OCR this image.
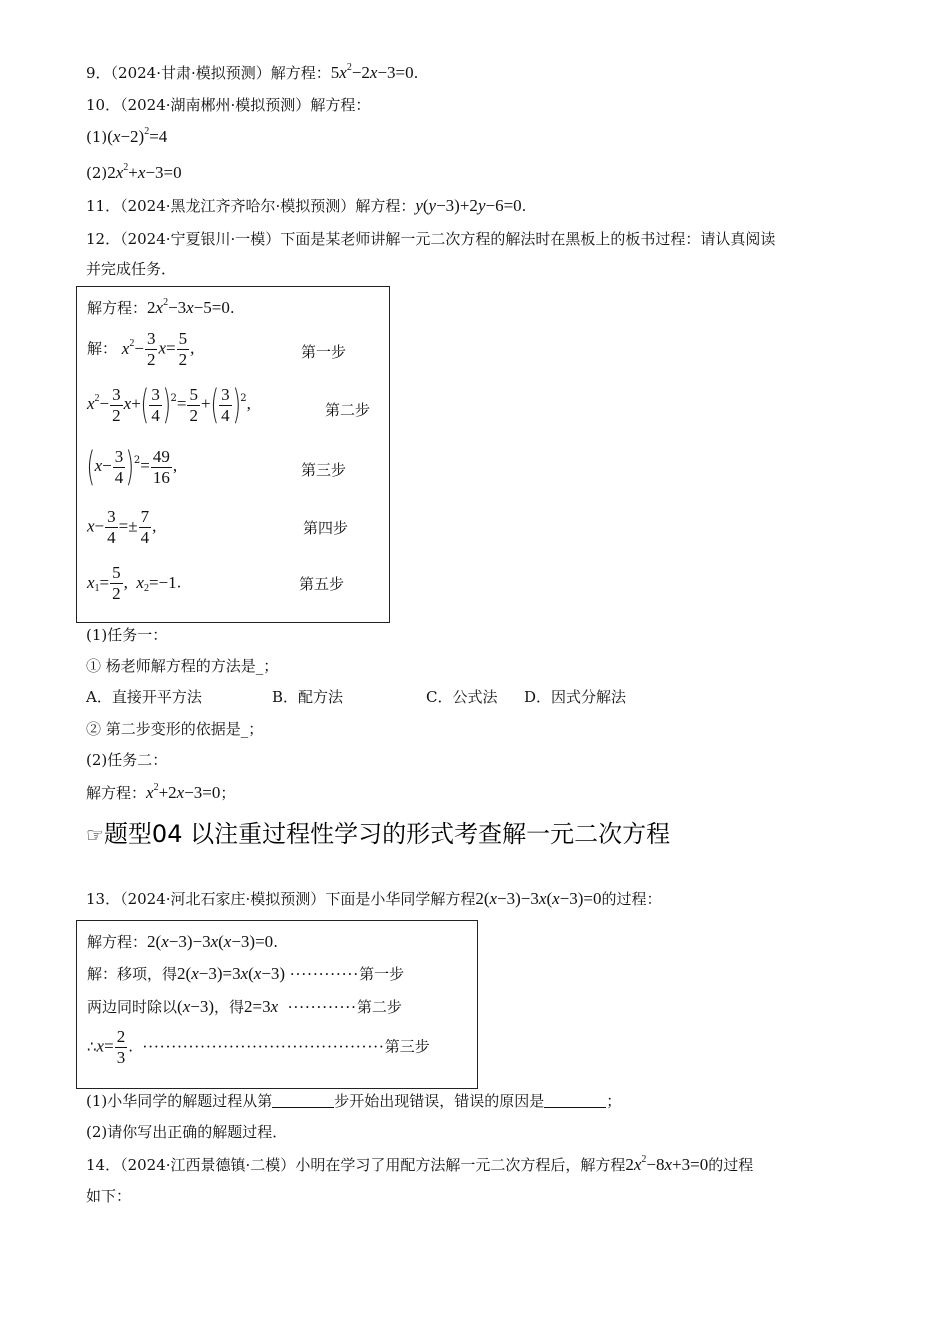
9．（2024·甘肃·模拟预测）解方程：$5x^2-2x-3=0$.
10．（2024·湖南郴州·模拟预测）解方程：
$(1)(x-2)^2=4$
$(2)2x^2+x-3=0$
11．（2024·黑龙江齐齐哈尔·模拟预测）解方程：y(y−3)+2y−6=0.
12．（2024·宁夏银川·一模）下面是某老师讲解一元二次方程的解法时在黑板上的板书过程：请认真阅读
并完成任务．
解方程：$2x^2-3x-5=0$.
解： $x^2- \frac{3}{2} x= \frac{5}{2}$ ,	第一步
$x^2- \frac{3}{2} x+( \frac{3}{4} )^2= \frac{5}{2}$ +( $\frac{3}{4} )^2$,	第二步
$(x- \frac{3}{4} )^2= \frac{49}{16}$ ,	第三步
$x- \frac{3}{4} =\pm \frac{7}{4}$ ,	第四步
$x_1= \frac{5}{2}$ ,  $x_2=-1$.	第五步
(1)任务一：
① 杨老师解方程的方法是_；
A．直接开平方法	B．配方法	C．公式法 D．因式分解法
② 第二步变形的依据是_；
(2)任务二：
解方程：$x^2+2x-3=0$；
☞题型04 以注重过程性学习的形式考查解一元二次方程
13．（2024·河北石家庄·模拟预测）下面是小华同学解方程2(x−3)−3x(x−3)=0的过程：
解方程：2(x−3)−3x(x−3)=0.
解：移项，得2(x−3)=3x(x−3) ············第一步
两边同时除以(x−3)，得2=3x ············第二步
∴x= $\frac{2}{3}$ .  ··········································第三步
(1)小华同学的解题过程从第	步开始出现错误，错误的原因是	；
(2)请你写出正确的解题过程．
14．（2024·江西景德镇·二模）小明在学习了用配方法解一元二次方程后，解方程$2x^2-8x+3=0$的过程
如下：
